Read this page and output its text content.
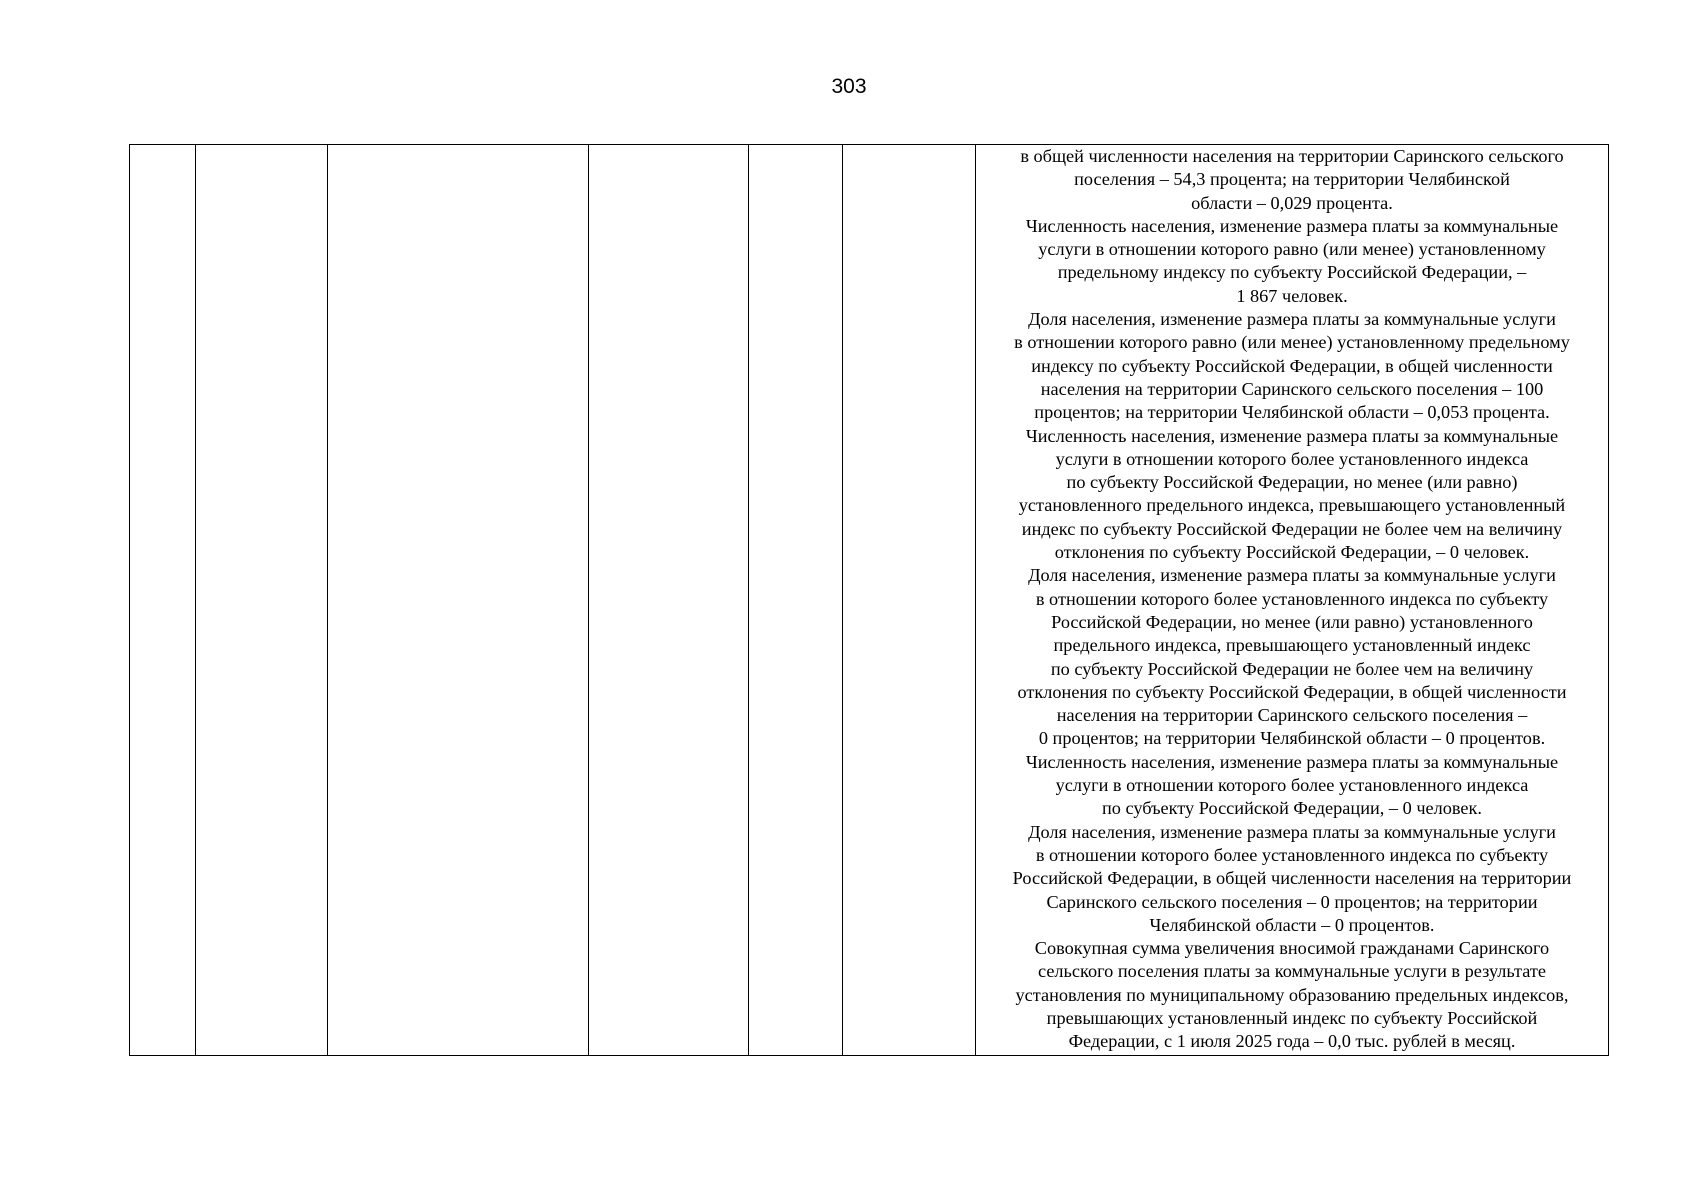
303

в общей численности населения на территории Саринского сельского
поселения – 54,3 процента; на территории Челябинской
области – 0,029 процента.
Численность населения, изменение размера платы за коммунальные
услуги в отношении которого равно (или менее) установленному
предельному индексу по субъекту Российской Федерации, –
1 867 человек.
Доля населения, изменение размера платы за коммунальные услуги
в отношении которого равно (или менее) установленному предельному
индексу по субъекту Российской Федерации, в общей численности
населения на территории Саринского сельского поселения – 100
процентов; на территории Челябинской области – 0,053 процента.
Численность населения, изменение размера платы за коммунальные
услуги в отношении которого более установленного индекса
по субъекту Российской Федерации, но менее (или равно)
установленного предельного индекса, превышающего установленный
индекс по субъекту Российской Федерации не более чем на величину
отклонения по субъекту Российской Федерации, – 0 человек.
Доля населения, изменение размера платы за коммунальные услуги
в отношении которого более установленного индекса по субъекту
Российской Федерации, но менее (или равно) установленного
предельного индекса, превышающего установленный индекс
по субъекту Российской Федерации не более чем на величину
отклонения по субъекту Российской Федерации, в общей численности
населения на территории Саринского сельского поселения –
0 процентов; на территории Челябинской области – 0 процентов.
Численность населения, изменение размера платы за коммунальные
услуги в отношении которого более установленного индекса
по субъекту Российской Федерации, – 0 человек.
Доля населения, изменение размера платы за коммунальные услуги
в отношении которого более установленного индекса по субъекту
Российской Федерации, в общей численности населения на территории
Саринского сельского поселения – 0 процентов; на территории
Челябинской области – 0 процентов.
Совокупная сумма увеличения вносимой гражданами Саринского
сельского поселения платы за коммунальные услуги в результате
установления по муниципальному образованию предельных индексов,
превышающих установленный индекс по субъекту Российской
Федерации, с 1 июля 2025 года – 0,0 тыс. рублей в месяц.
